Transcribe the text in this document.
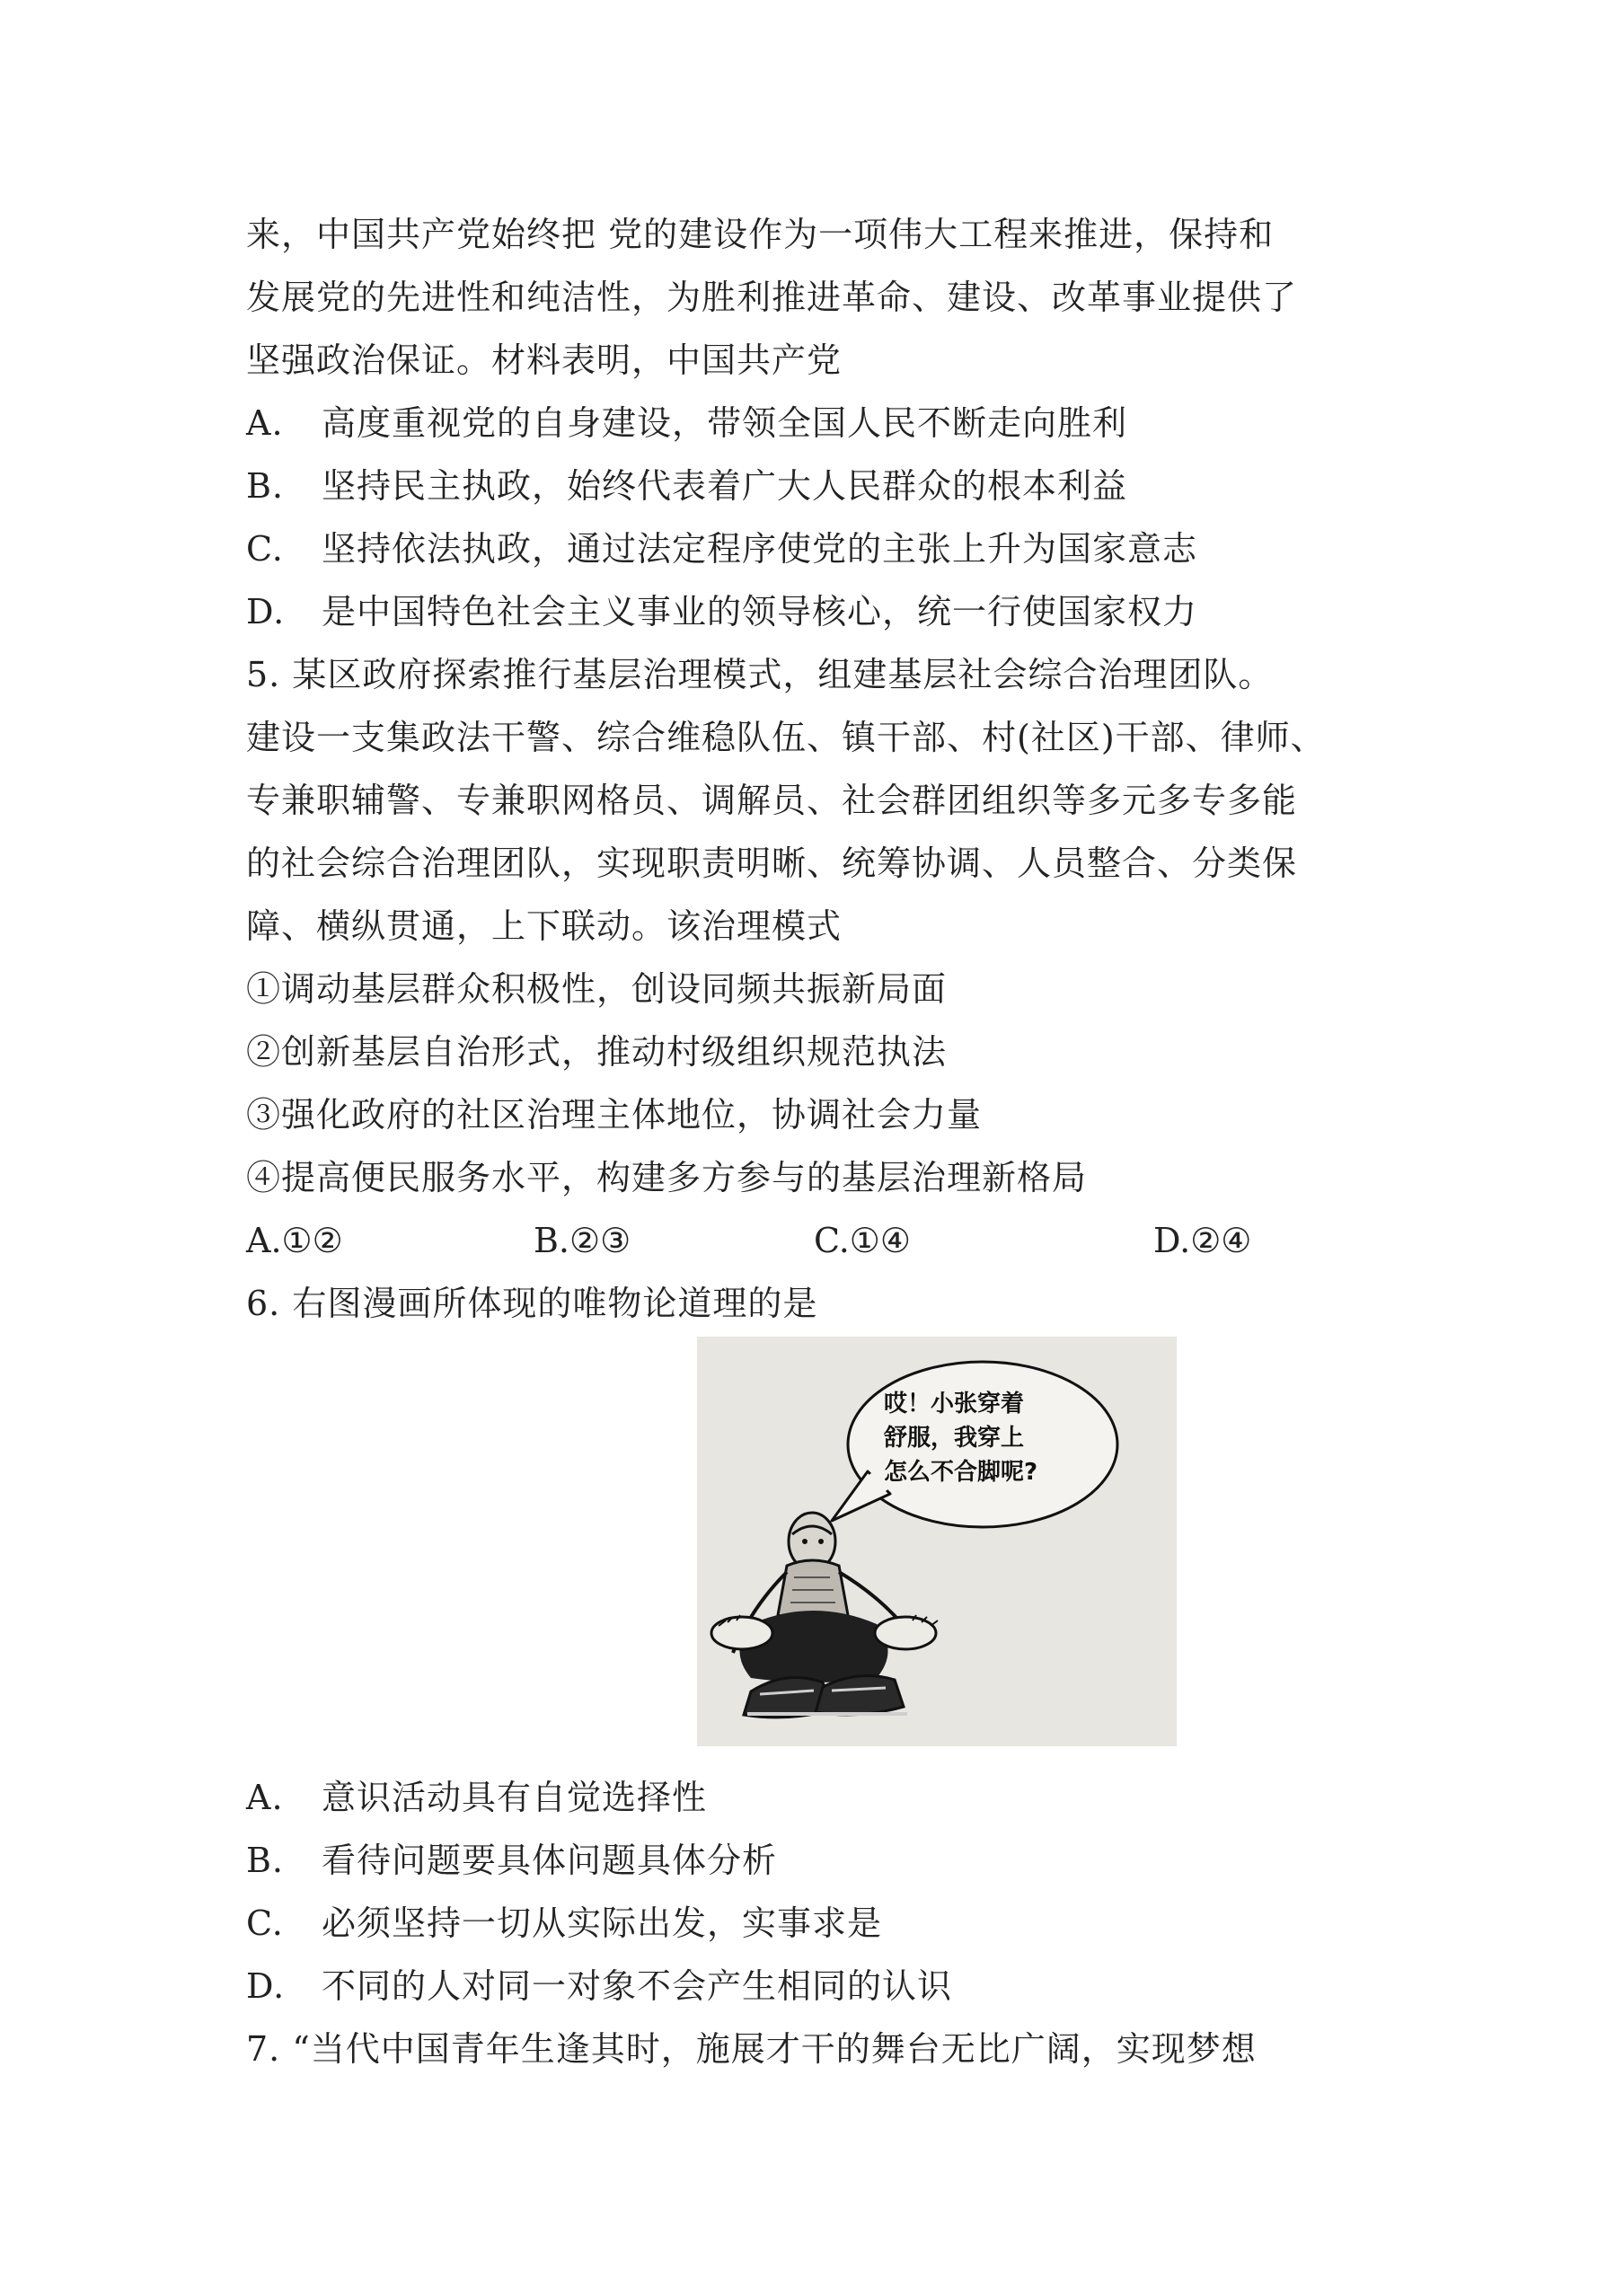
来，中国共产党始终把 党的建设作为一项伟大工程来推进，保持和
发展党的先进性和纯洁性，为胜利推进革命、建设、改革事业提供了
坚强政治保证。材料表明，中国共产党
A. 高度重视党的自身建设，带领全国人民不断走向胜利
B. 坚持民主执政，始终代表着广大人民群众的根本利益
C. 坚持依法执政，通过法定程序使党的主张上升为国家意志
D. 是中国特色社会主义事业的领导核心，统一行使国家权力
5. 某区政府探索推行基层治理模式，组建基层社会综合治理团队。
建设一支集政法干警、综合维稳队伍、镇干部、村(社区)干部、律师、
专兼职辅警、专兼职网格员、调解员、社会群团组织等多元多专多能
的社会综合治理团队，实现职责明晰、统筹协调、人员整合、分类保
障、横纵贯通，上下联动。该治理模式
①调动基层群众积极性，创设同频共振新局面
②创新基层自治形式，推动村级组织规范执法
③强化政府的社区治理主体地位，协调社会力量
④提高便民服务水平，构建多方参与的基层治理新格局
A.①②	B.②③	C.①④	D.②④
6. 右图漫画所体现的唯物论道理的是
哎！小张穿着
舒服，我穿上
怎么不合脚呢?
A. 意识活动具有自觉选择性
B. 看待问题要具体问题具体分析
C. 必须坚持一切从实际出发，实事求是
D. 不同的人对同一对象不会产生相同的认识
7. “当代中国青年生逢其时，施展才干的舞台无比广阔，实现梦想
